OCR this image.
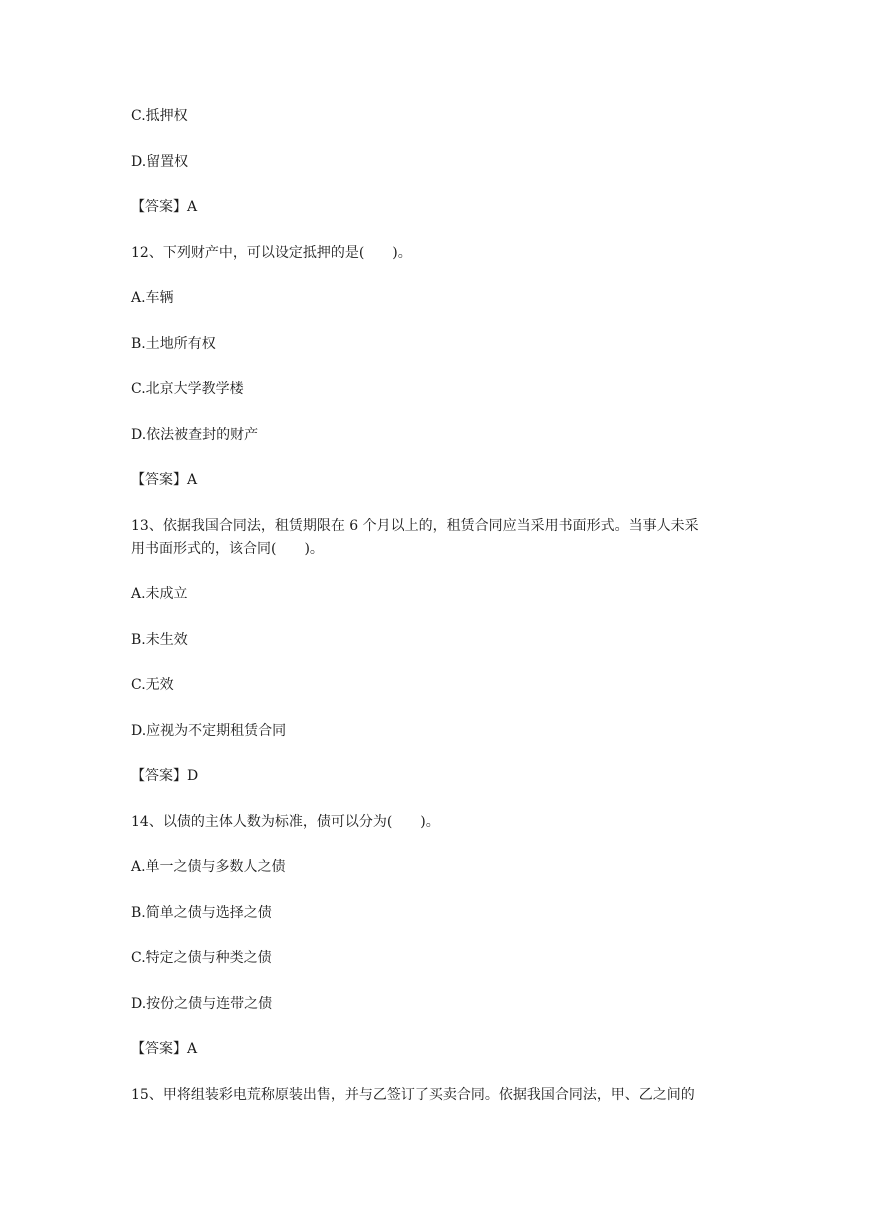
C.抵押权

D.留置权

【答案】A

12、下列财产中，可以设定抵押的是(　　)。

A.车辆

B.土地所有权

C.北京大学教学楼

D.依法被查封的财产

【答案】A

13、依据我国合同法，租赁期限在 6 个月以上的，租赁合同应当采用书面形式。当事人未采

用书面形式的，该合同(　　)。

A.未成立

B.未生效

C.无效

D.应视为不定期租赁合同

【答案】D

14、以债的主体人数为标准，债可以分为(　　)。

A.单一之债与多数人之债

B.简单之债与选择之债

C.特定之债与种类之债

D.按份之债与连带之债

【答案】A

15、甲将组装彩电荒称原装出售，并与乙签订了买卖合同。依据我国合同法，甲、乙之间的
